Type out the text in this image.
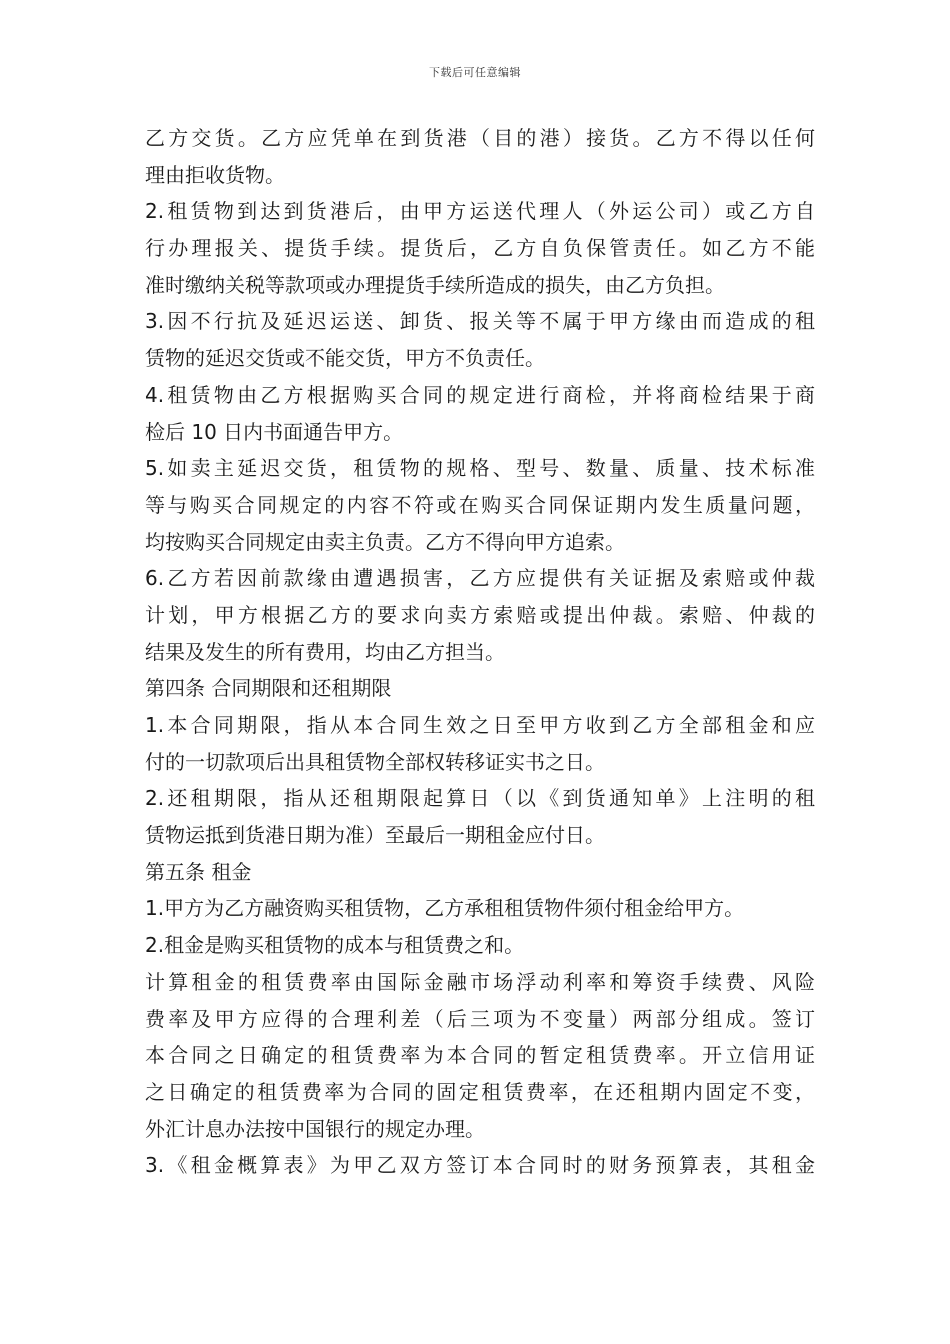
下载后可任意编辑
乙方交货。乙方应凭单在到货港（目的港）接货。乙方不得以任何
理由拒收货物。
2.租赁物到达到货港后，由甲方运送代理人（外运公司）或乙方自
行办理报关、提货手续。提货后，乙方自负保管责任。如乙方不能
准时缴纳关税等款项或办理提货手续所造成的损失，由乙方负担。
3.因不行抗及延迟运送、卸货、报关等不属于甲方缘由而造成的租
赁物的延迟交货或不能交货，甲方不负责任。
4.租赁物由乙方根据购买合同的规定进行商检，并将商检结果于商
检后 10 日内书面通告甲方。
5.如卖主延迟交货，租赁物的规格、型号、数量、质量、技术标准
等与购买合同规定的内容不符或在购买合同保证期内发生质量问题，
均按购买合同规定由卖主负责。乙方不得向甲方追索。
6.乙方若因前款缘由遭遇损害，乙方应提供有关证据及索赔或仲裁
计划，甲方根据乙方的要求向卖方索赔或提出仲裁。索赔、仲裁的
结果及发生的所有费用，均由乙方担当。
第四条 合同期限和还租期限
1.本合同期限，指从本合同生效之日至甲方收到乙方全部租金和应
付的一切款项后出具租赁物全部权转移证实书之日。
2.还租期限，指从还租期限起算日（以《到货通知单》上注明的租
赁物运抵到货港日期为准）至最后一期租金应付日。
第五条 租金
1.甲方为乙方融资购买租赁物，乙方承租租赁物件须付租金给甲方。
2.租金是购买租赁物的成本与租赁费之和。
计算租金的租赁费率由国际金融市场浮动利率和筹资手续费、风险
费率及甲方应得的合理利差（后三项为不变量）两部分组成。签订
本合同之日确定的租赁费率为本合同的暂定租赁费率。开立信用证
之日确定的租赁费率为合同的固定租赁费率，在还租期内固定不变，
外汇计息办法按中国银行的规定办理。
3.《租金概算表》为甲乙双方签订本合同时的财务预算表，其租金
